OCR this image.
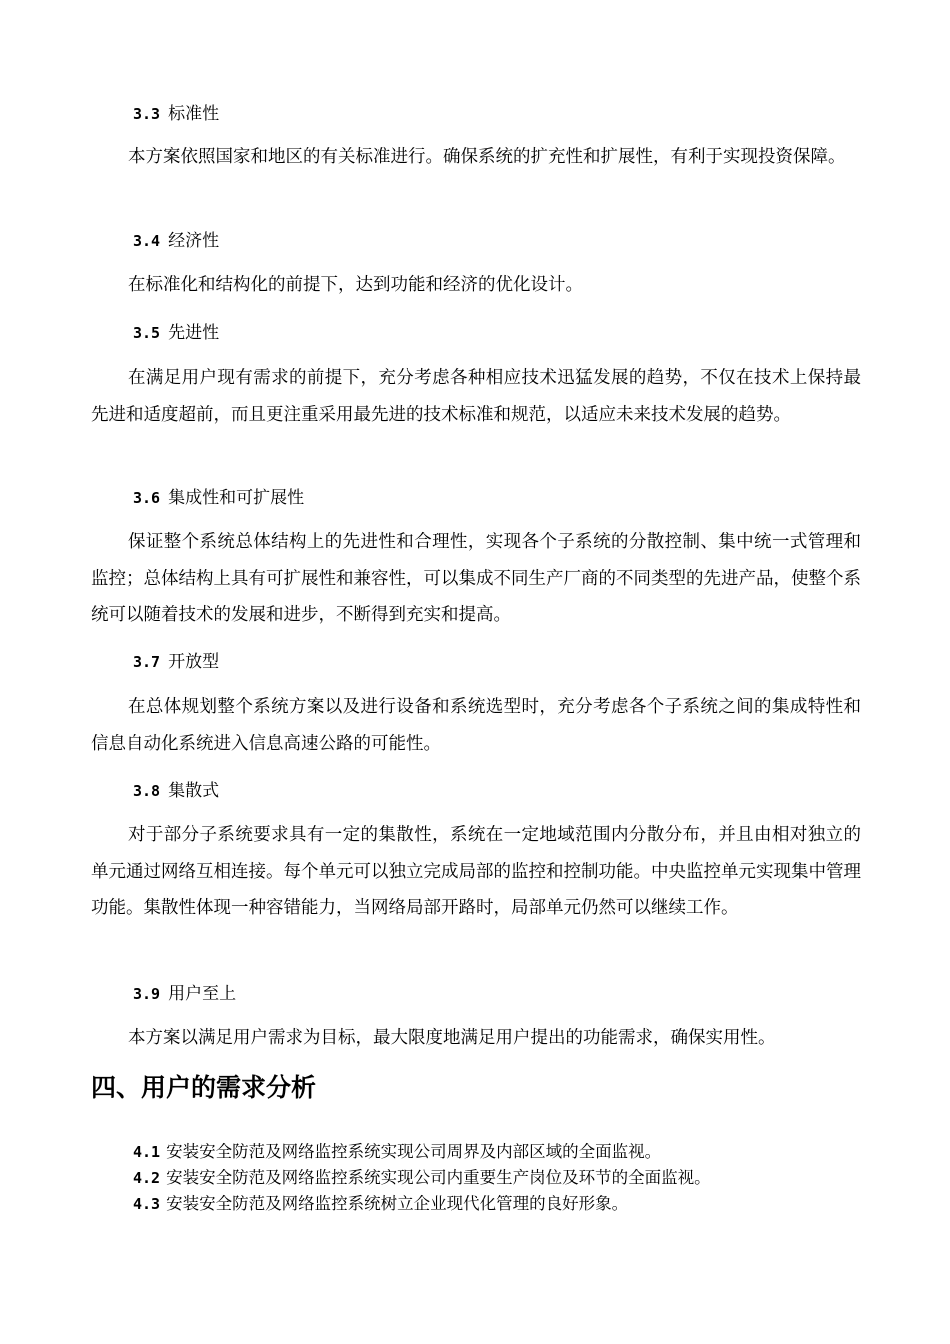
3.3 标准性

本方案依照国家和地区的有关标准进行。确保系统的扩充性和扩展性，有利于实现投资保障。

3.4 经济性

在标准化和结构化的前提下，达到功能和经济的优化设计。

3.5 先进性

在满足用户现有需求的前提下，充分考虑各种相应技术迅猛发展的趋势，不仅在技术上保持最先进和适度超前，而且更注重采用最先进的技术标准和规范，以适应未来技术发展的趋势。

3.6 集成性和可扩展性

保证整个系统总体结构上的先进性和合理性，实现各个子系统的分散控制、集中统一式管理和监控；总体结构上具有可扩展性和兼容性，可以集成不同生产厂商的不同类型的先进产品，使整个系统可以随着技术的发展和进步，不断得到充实和提高。

3.7 开放型

在总体规划整个系统方案以及进行设备和系统选型时，充分考虑各个子系统之间的集成特性和信息自动化系统进入信息高速公路的可能性。

3.8 集散式

对于部分子系统要求具有一定的集散性，系统在一定地域范围内分散分布，并且由相对独立的单元通过网络互相连接。每个单元可以独立完成局部的监控和控制功能。中央监控单元实现集中管理功能。集散性体现一种容错能力，当网络局部开路时，局部单元仍然可以继续工作。

3.9 用户至上

本方案以满足用户需求为目标，最大限度地满足用户提出的功能需求，确保实用性。

四、用户的需求分析
4.1 安装安全防范及网络监控系统实现公司周界及内部区域的全面监视。
4.2 安装安全防范及网络监控系统实现公司内重要生产岗位及环节的全面监视。
4.3 安装安全防范及网络监控系统树立企业现代化管理的良好形象。
